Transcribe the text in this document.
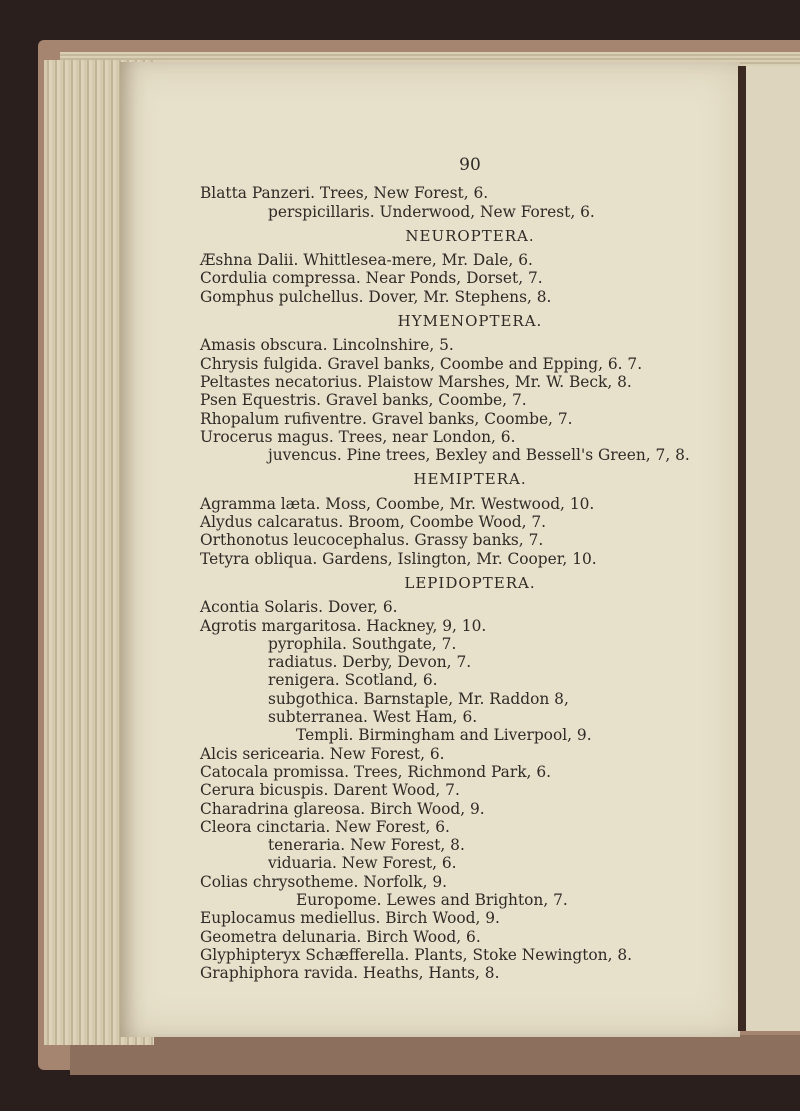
90
Blatta Panzeri. Trees, New Forest, 6.
perspicillaris. Underwood, New Forest, 6.
NEUROPTERA.
Æshna Dalii. Whittlesea-mere, Mr. Dale, 6.
Cordulia compressa. Near Ponds, Dorset, 7.
Gomphus pulchellus. Dover, Mr. Stephens, 8.
HYMENOPTERA.
Amasis obscura. Lincolnshire, 5.
Chrysis fulgida. Gravel banks, Coombe and Epping, 6. 7.
Peltastes necatorius. Plaistow Marshes, Mr. W. Beck, 8.
Psen Equestris. Gravel banks, Coombe, 7.
Rhopalum rufiventre. Gravel banks, Coombe, 7.
Urocerus magus. Trees, near London, 6.
juvencus. Pine trees, Bexley and Bessell's Green, 7, 8.
HEMIPTERA.
Agramma læta. Moss, Coombe, Mr. Westwood, 10.
Alydus calcaratus. Broom, Coombe Wood, 7.
Orthonotus leucocephalus. Grassy banks, 7.
Tetyra obliqua. Gardens, Islington, Mr. Cooper, 10.
LEPIDOPTERA.
Acontia Solaris. Dover, 6.
Agrotis margaritosa. Hackney, 9, 10.
pyrophila. Southgate, 7.
radiatus. Derby, Devon, 7.
renigera. Scotland, 6.
subgothica. Barnstaple, Mr. Raddon 8,
subterranea. West Ham, 6.
Templi. Birmingham and Liverpool, 9.
Alcis sericearia. New Forest, 6.
Catocala promissa. Trees, Richmond Park, 6.
Cerura bicuspis. Darent Wood, 7.
Charadrina glareosa. Birch Wood, 9.
Cleora cinctaria. New Forest, 6.
teneraria. New Forest, 8.
viduaria. New Forest, 6.
Colias chrysotheme. Norfolk, 9.
Europome. Lewes and Brighton, 7.
Euplocamus mediellus. Birch Wood, 9.
Geometra delunaria. Birch Wood, 6.
Glyphipteryx Schæfferella. Plants, Stoke Newington, 8.
Graphiphora ravida. Heaths, Hants, 8.
